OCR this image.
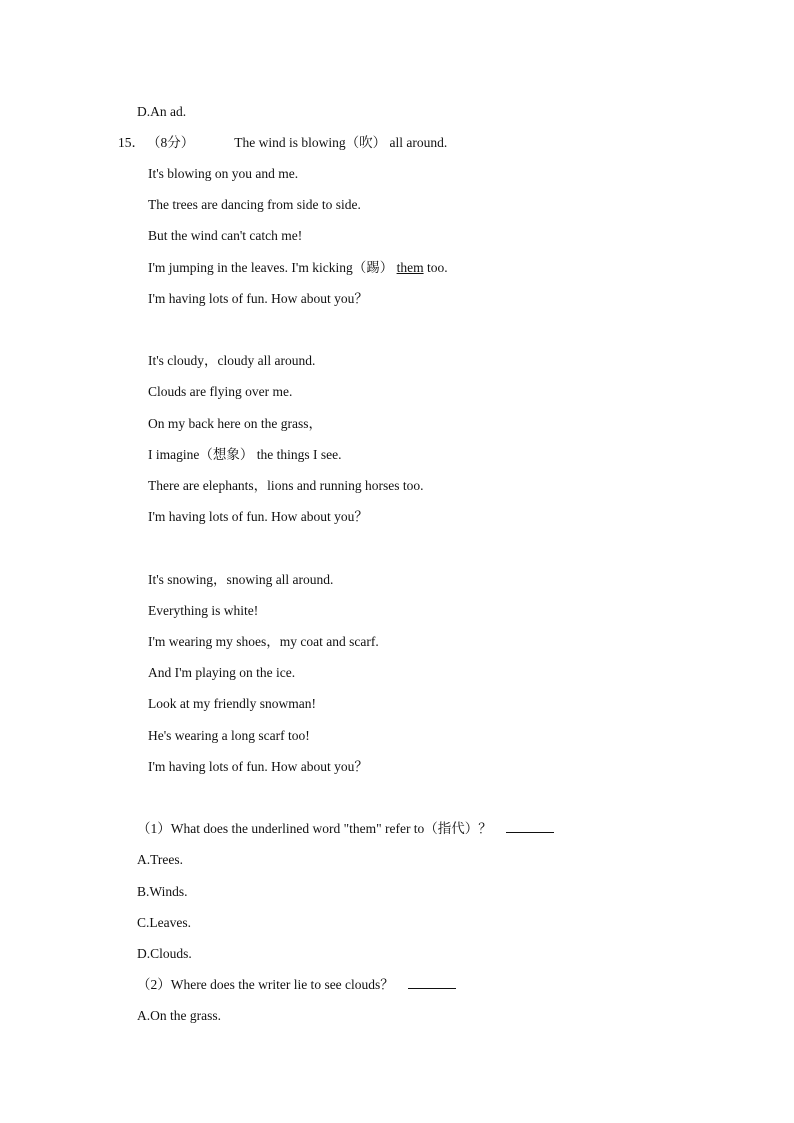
D.An ad.
15． （8分）	The wind is blowing（吹） all around.
It's blowing on you and me.
The trees are dancing from side to side.
But the wind can't catch me!
I'm jumping in the leaves. I'm kicking（踢） them too.
I'm having lots of fun. How about you？
It's cloudy，cloudy all around.
Clouds are flying over me.
On my back here on the grass，
I imagine（想象） the things I see.
There are elephants，lions and running horses too.
I'm having lots of fun. How about you？
It's snowing，snowing all around.
Everything is white!
I'm wearing my shoes，my coat and scarf.
And I'm playing on the ice.
Look at my friendly snowman!
He's wearing a long scarf too!
I'm having lots of fun. How about you？
（1）What does the underlined word "them" refer to（指代）？
A.Trees.
B.Winds.
C.Leaves.
D.Clouds.
（2）Where does the writer lie to see clouds？
A.On the grass.
